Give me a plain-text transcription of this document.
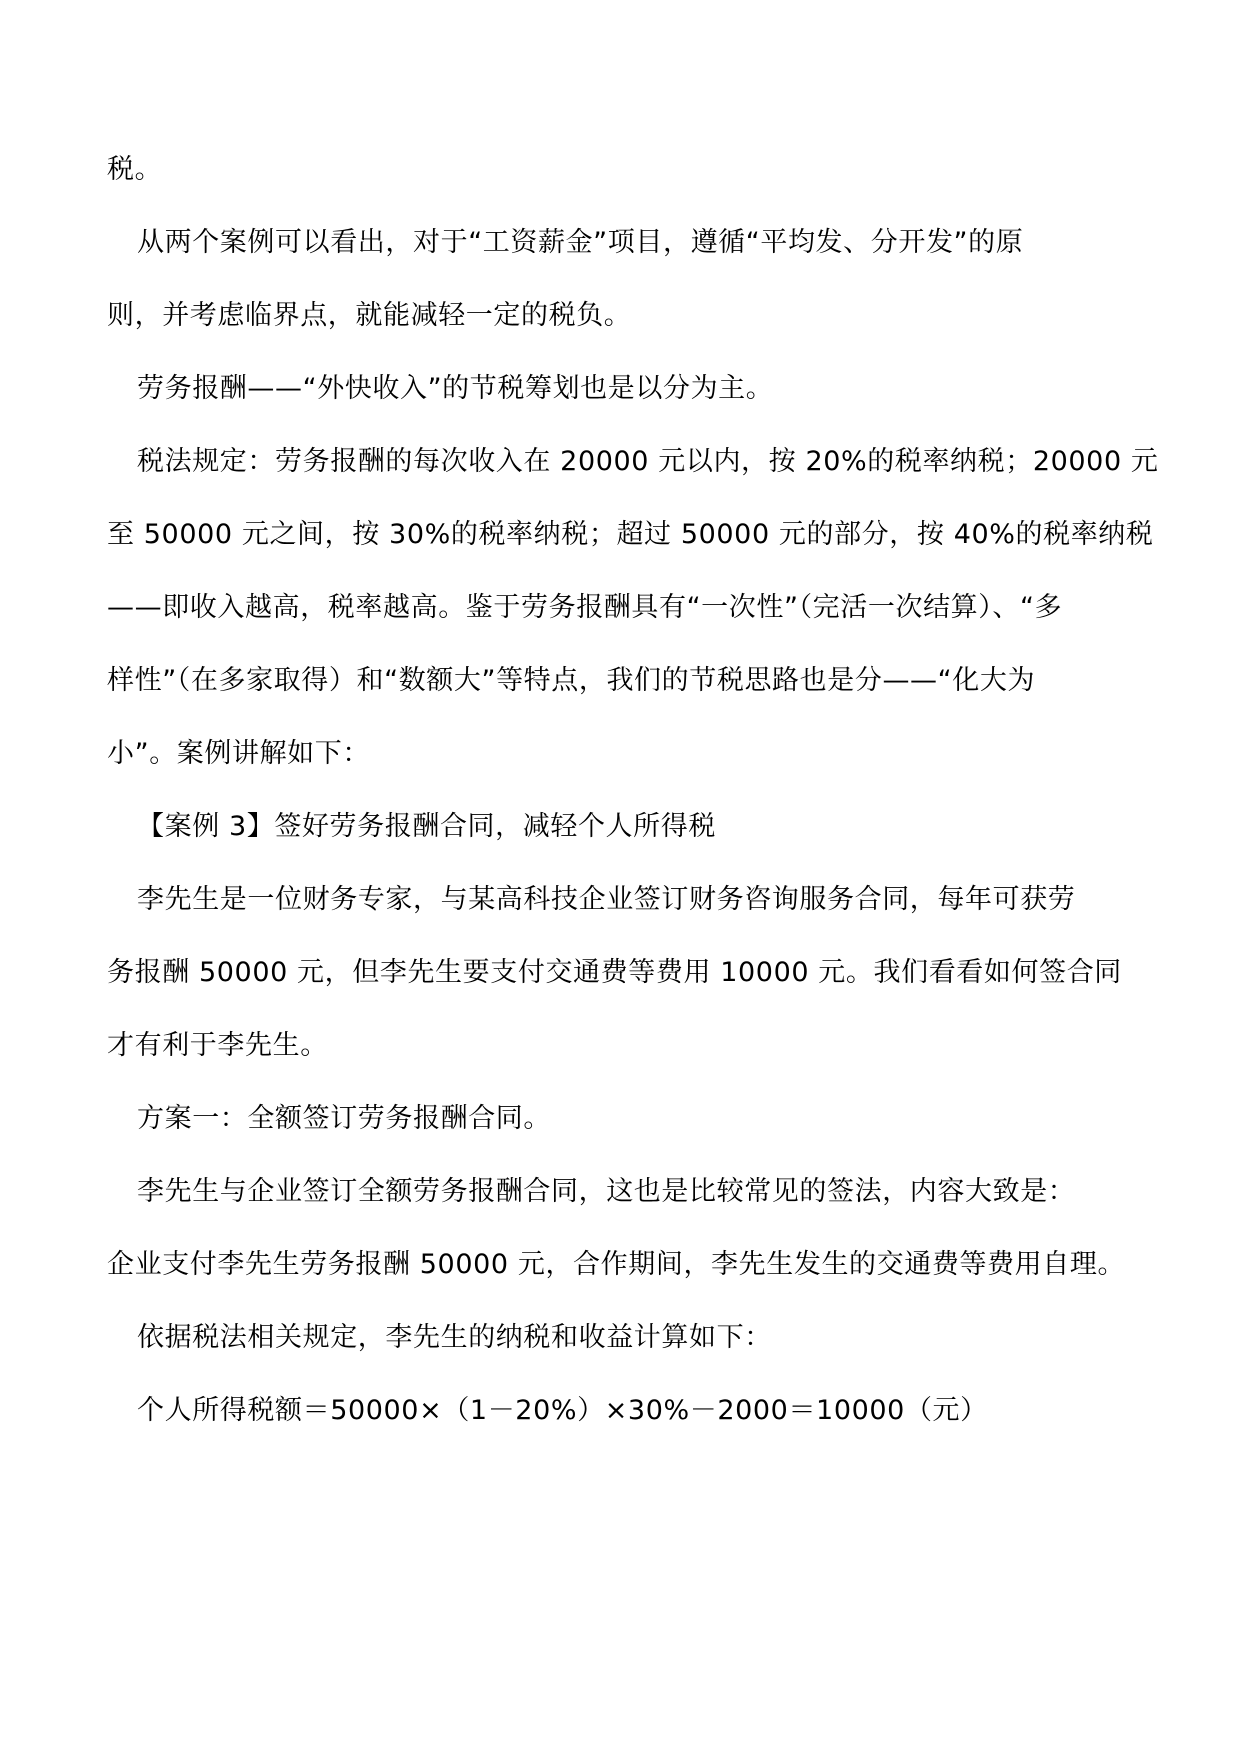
税。
从两个案例可以看出，对于“工资薪金”项目，遵循“平均发、分开发”的原
则，并考虑临界点，就能减轻一定的税负。
劳务报酬——“外快收入”的节税筹划也是以分为主。
税法规定：劳务报酬的每次收入在 20000 元以内，按 20%的税率纳税；20000 元
至 50000 元之间，按 30%的税率纳税；超过 50000 元的部分，按 40%的税率纳税
——即收入越高，税率越高。鉴于劳务报酬具有“一次性”（完活一次结算）、“多
样性”（在多家取得）和“数额大”等特点，我们的节税思路也是分——“化大为
小”。案例讲解如下：
【案例 3】签好劳务报酬合同，减轻个人所得税
李先生是一位财务专家，与某高科技企业签订财务咨询服务合同，每年可获劳
务报酬 50000 元，但李先生要支付交通费等费用 10000 元。我们看看如何签合同
才有利于李先生。
方案一：全额签订劳务报酬合同。
李先生与企业签订全额劳务报酬合同，这也是比较常见的签法，内容大致是：
企业支付李先生劳务报酬 50000 元，合作期间，李先生发生的交通费等费用自理。
依据税法相关规定，李先生的纳税和收益计算如下：
个人所得税额＝50000×（1－20%）×30%－2000＝10000（元）
